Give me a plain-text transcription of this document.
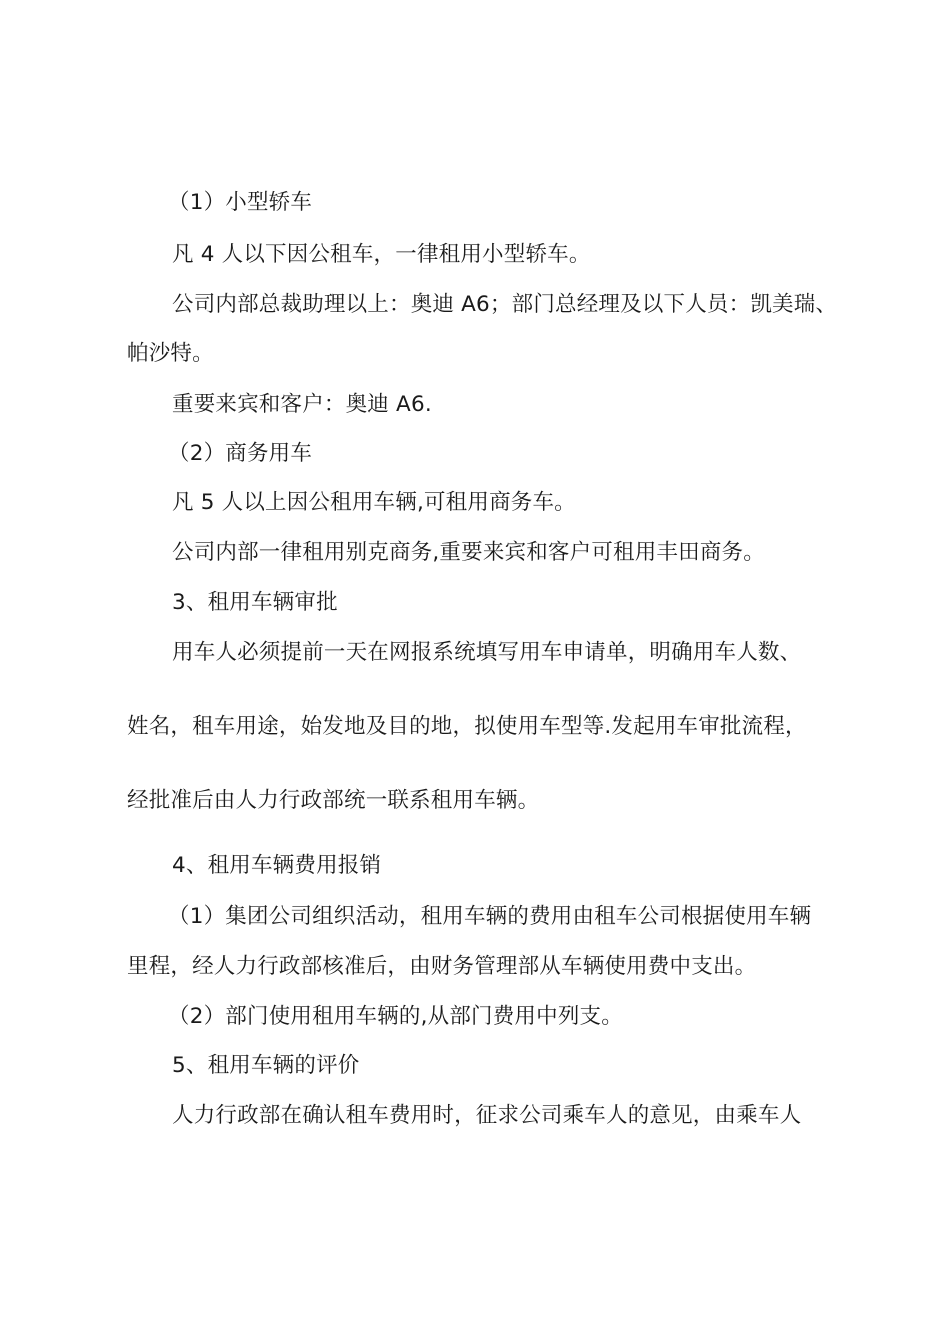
（1）小型轿车
凡 4 人以下因公租车，一律租用小型轿车。
公司内部总裁助理以上：奥迪 A6；部门总经理及以下人员：凯美瑞、
帕沙特。
重要来宾和客户：奥迪 A6.
（2）商务用车
凡 5 人以上因公租用车辆,可租用商务车。
公司内部一律租用别克商务,重要来宾和客户可租用丰田商务。
3、租用车辆审批
用车人必须提前一天在网报系统填写用车申请单，明确用车人数、
姓名，租车用途，始发地及目的地，拟使用车型等.发起用车审批流程，
经批准后由人力行政部统一联系租用车辆。
4、租用车辆费用报销
（1）集团公司组织活动，租用车辆的费用由租车公司根据使用车辆
里程，经人力行政部核准后，由财务管理部从车辆使用费中支出。
（2）部门使用租用车辆的,从部门费用中列支。
5、租用车辆的评价
人力行政部在确认租车费用时，征求公司乘车人的意见，由乘车人
